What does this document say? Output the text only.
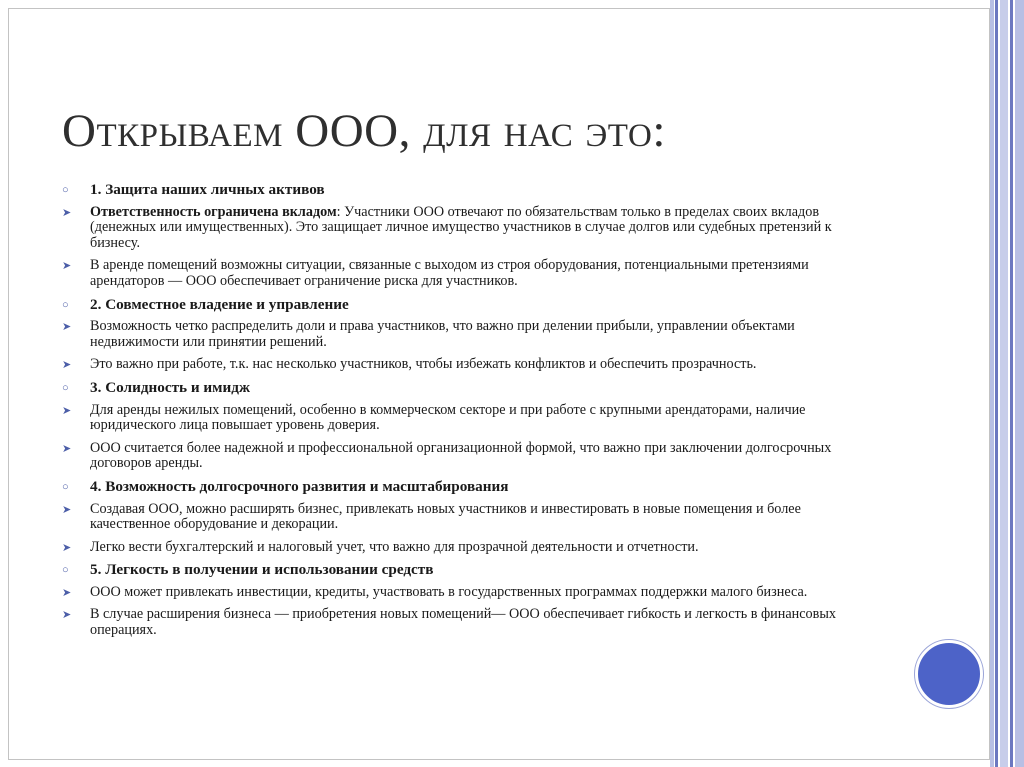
Открываем ООО, для нас это:
○ 1. Защита наших личных активов
➤ Ответственность ограничена вкладом: Участники ООО отвечают по обязательствам только в пределах своих вкладов (денежных или имущественных). Это защищает личное имущество участников в случае долгов или судебных претензий к бизнесу.
➤ В аренде помещений возможны ситуации, связанные с выходом из строя оборудования, потенциальными претензиями арендаторов — ООО обеспечивает ограничение риска для участников.
○ 2. Совместное владение и управление
➤ Возможность четко распределить доли и права участников, что важно при делении прибыли, управлении объектами недвижимости или принятии решений.
➤ Это важно при работе, т.к. нас несколько участников, чтобы избежать конфликтов и обеспечить прозрачность.
○ 3. Солидность и имидж
➤ Для аренды нежилых помещений, особенно в коммерческом секторе и при работе с крупными арендаторами, наличие юридического лица повышает уровень доверия.
➤ ООО считается более надежной и профессиональной организационной формой, что важно при заключении долгосрочных договоров аренды.
○ 4. Возможность долгосрочного развития и масштабирования
➤ Создавая ООО, можно расширять бизнес, привлекать новых участников и инвестировать в новые помещения и более качественное оборудование и декорации.
➤ Легко вести бухгалтерский и налоговый учет, что важно для прозрачной деятельности и отчетности.
○ 5. Легкость в получении и использовании средств
➤ ООО может привлекать инвестиции, кредиты, участвовать в государственных программах поддержки малого бизнеса.
➤ В случае расширения бизнеса — приобретения новых помещений— ООО обеспечивает гибкость и легкость в финансовых операциях.
